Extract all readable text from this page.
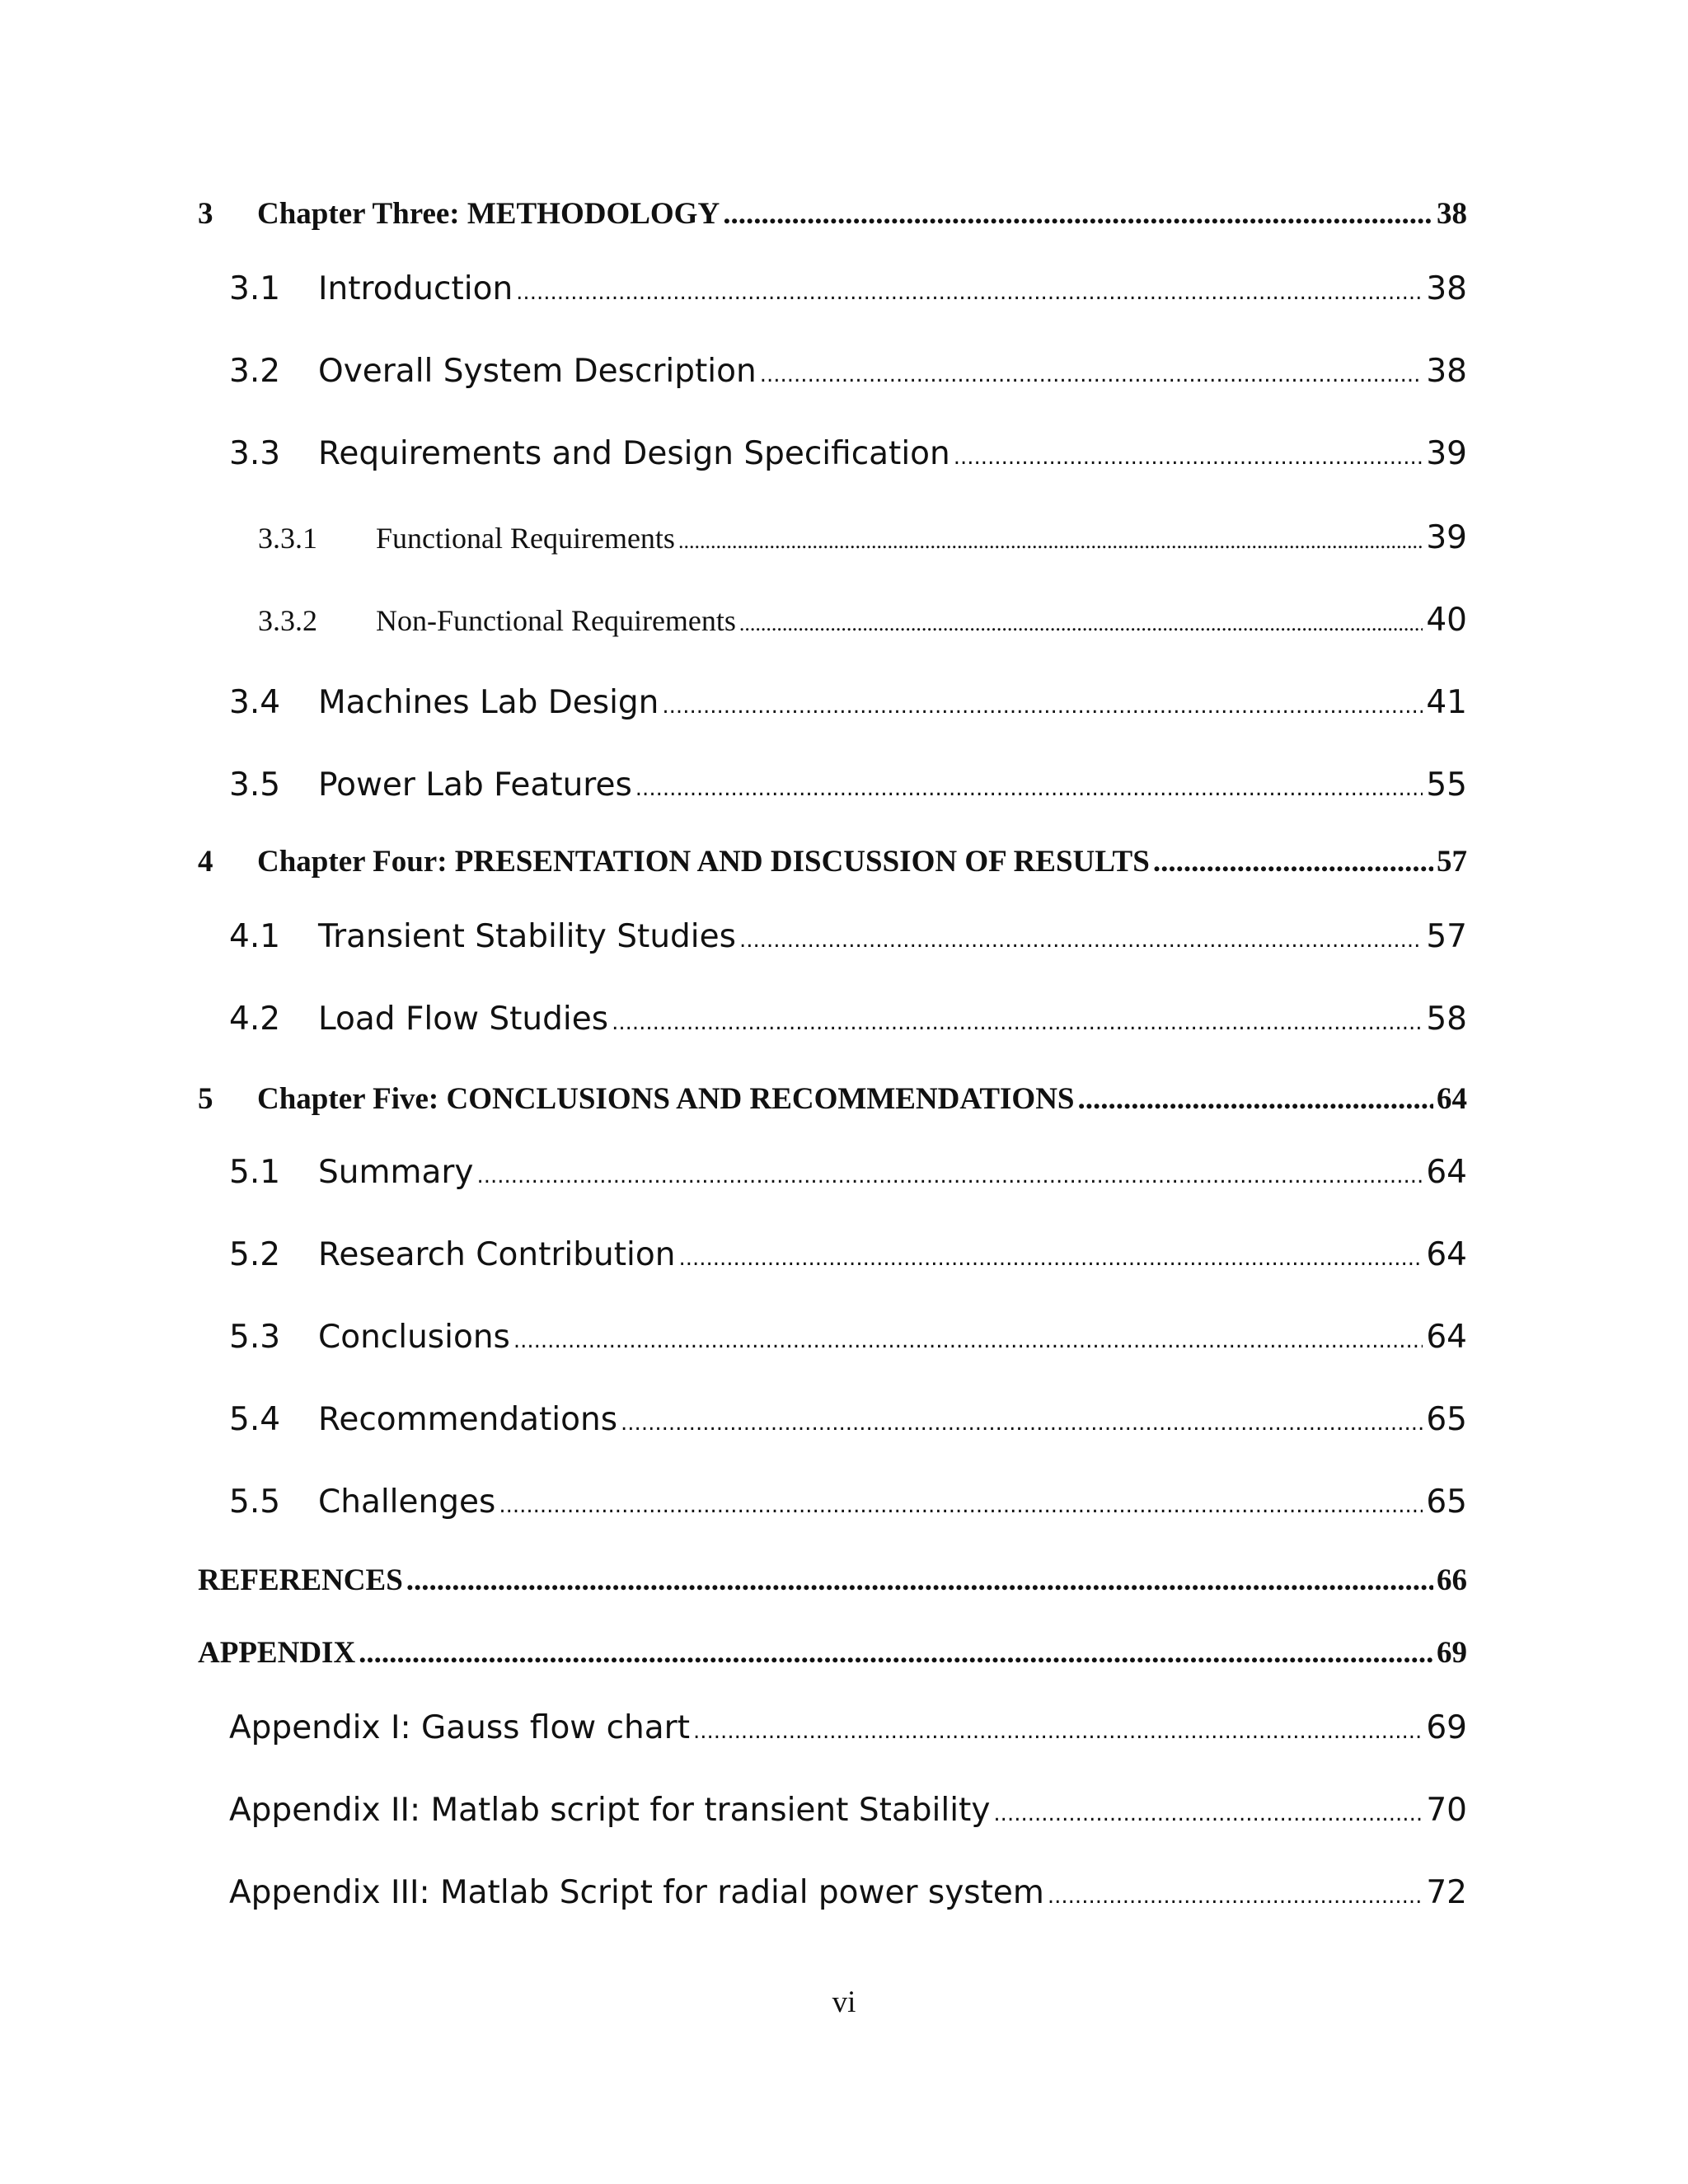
3	Chapter Three: METHODOLOGY .....	38
3.1	Introduction .....	38
3.2	Overall System Description .....	38
3.3	Requirements and Design Specification .....	39
3.3.1	Functional Requirements .....	39
3.3.2	Non-Functional Requirements .....	40
3.4	Machines Lab Design .....	41
3.5	Power Lab Features .....	55
4	Chapter Four: PRESENTATION AND DISCUSSION OF RESULTS .....	57
4.1	Transient Stability Studies .....	57
4.2	Load Flow Studies .....	58
5	Chapter Five: CONCLUSIONS AND RECOMMENDATIONS .....	64
5.1	Summary .....	64
5.2	Research Contribution .....	64
5.3	Conclusions .....	64
5.4	Recommendations .....	65
5.5	Challenges .....	65
REFERENCES .....	66
APPENDIX .....	69
Appendix I: Gauss flow chart .....	69
Appendix II: Matlab script for transient Stability .....	70
Appendix III: Matlab Script for radial power system .....	72
vi
